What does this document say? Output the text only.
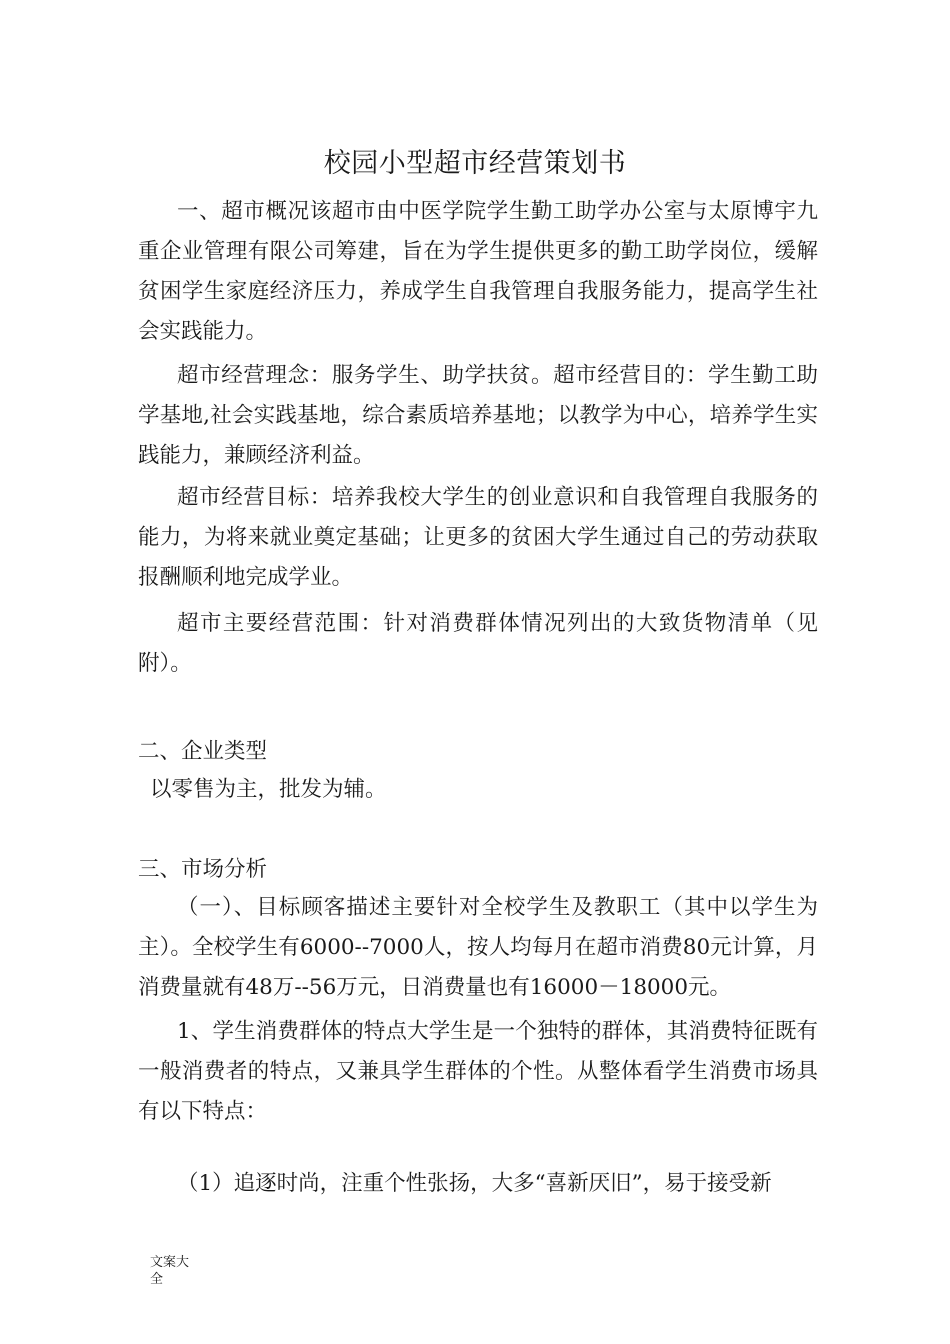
校园小型超市经营策划书

一、超市概况该超市由中医学院学生勤工助学办公室与太原博宇九重企业管理有限公司筹建，旨在为学生提供更多的勤工助学岗位，缓解贫困学生家庭经济压力，养成学生自我管理自我服务能力，提高学生社会实践能力。

超市经营理念：服务学生、助学扶贫。超市经营目的：学生勤工助学基地,社会实践基地，综合素质培养基地；以教学为中心，培养学生实践能力，兼顾经济利益。

超市经营目标：培养我校大学生的创业意识和自我管理自我服务的能力，为将来就业奠定基础；让更多的贫困大学生通过自己的劳动获取报酬顺利地完成学业。

超市主要经营范围：针对消费群体情况列出的大致货物清单（见附）。

二、企业类型

以零售为主，批发为辅。

三、市场分析

（一）、目标顾客描述主要针对全校学生及教职工（其中以学生为主）。全校学生有6000--7000人，按人均每月在超市消费80元计算，月消费量就有48万--56万元，日消费量也有16000－18000元。

1、学生消费群体的特点大学生是一个独特的群体，其消费特征既有一般消费者的特点，又兼具学生群体的个性。从整体看学生消费市场具有以下特点：

（1）追逐时尚，注重个性张扬，大多“喜新厌旧”，易于接受新

文案大全
